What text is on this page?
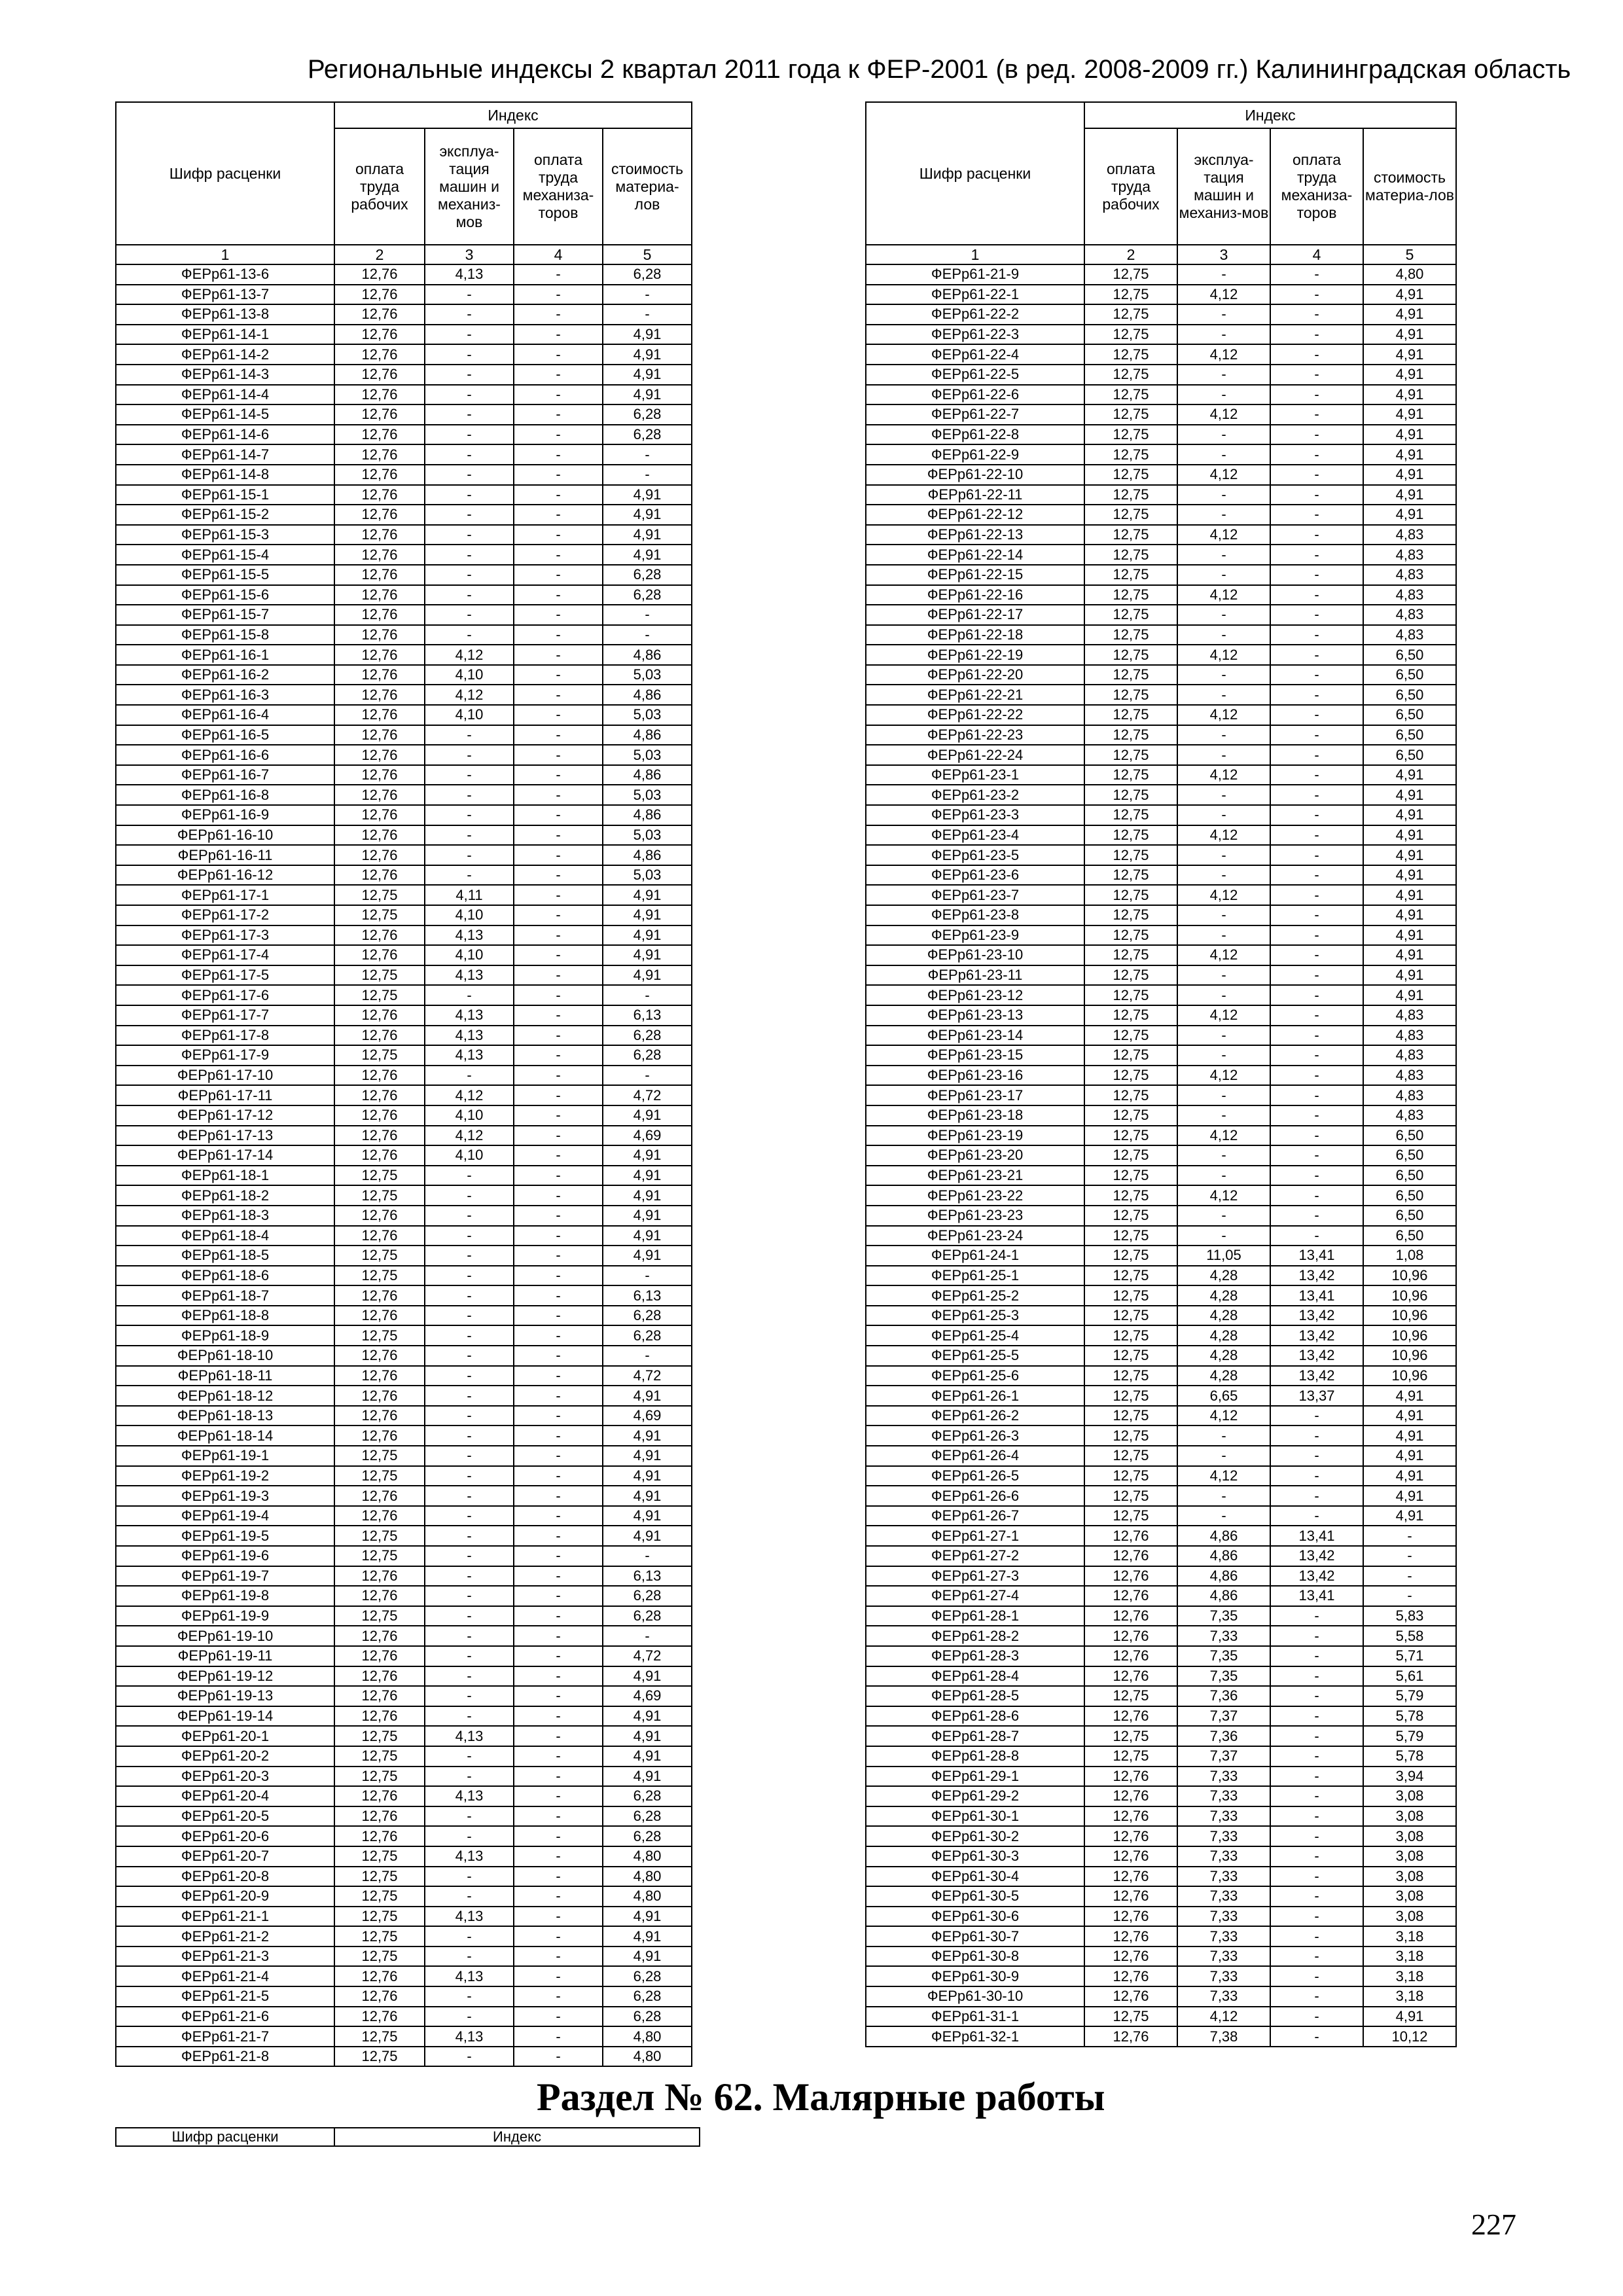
Региональные индексы 2 квартал 2011 года к ФЕР-2001 (в ред. 2008-2009 гг.) Калининградская область
Шифр расценки	Индекс			
	оплата труда рабочих	эксплуа-тация машин и механиз-мов	оплата труда механиза-торов	стоимость материа-лов
1	2	3	4	5
ФЕРр61-13-6	12,76	4,13	-	6,28
ФЕРр61-13-7	12,76	-	-	-
ФЕРр61-13-8	12,76	-	-	-
ФЕРр61-14-1	12,76	-	-	4,91
ФЕРр61-14-2	12,76	-	-	4,91
ФЕРр61-14-3	12,76	-	-	4,91
ФЕРр61-14-4	12,76	-	-	4,91
ФЕРр61-14-5	12,76	-	-	6,28
ФЕРр61-14-6	12,76	-	-	6,28
ФЕРр61-14-7	12,76	-	-	-
ФЕРр61-14-8	12,76	-	-	-
ФЕРр61-15-1	12,76	-	-	4,91
ФЕРр61-15-2	12,76	-	-	4,91
ФЕРр61-15-3	12,76	-	-	4,91
ФЕРр61-15-4	12,76	-	-	4,91
ФЕРр61-15-5	12,76	-	-	6,28
ФЕРр61-15-6	12,76	-	-	6,28
ФЕРр61-15-7	12,76	-	-	-
ФЕРр61-15-8	12,76	-	-	-
ФЕРр61-16-1	12,76	4,12	-	4,86
ФЕРр61-16-2	12,76	4,10	-	5,03
ФЕРр61-16-3	12,76	4,12	-	4,86
ФЕРр61-16-4	12,76	4,10	-	5,03
ФЕРр61-16-5	12,76	-	-	4,86
ФЕРр61-16-6	12,76	-	-	5,03
ФЕРр61-16-7	12,76	-	-	4,86
ФЕРр61-16-8	12,76	-	-	5,03
ФЕРр61-16-9	12,76	-	-	4,86
ФЕРр61-16-10	12,76	-	-	5,03
ФЕРр61-16-11	12,76	-	-	4,86
ФЕРр61-16-12	12,76	-	-	5,03
ФЕРр61-17-1	12,75	4,11	-	4,91
ФЕРр61-17-2	12,75	4,10	-	4,91
ФЕРр61-17-3	12,76	4,13	-	4,91
ФЕРр61-17-4	12,76	4,10	-	4,91
ФЕРр61-17-5	12,75	4,13	-	4,91
ФЕРр61-17-6	12,75	-	-	-
ФЕРр61-17-7	12,76	4,13	-	6,13
ФЕРр61-17-8	12,76	4,13	-	6,28
ФЕРр61-17-9	12,75	4,13	-	6,28
ФЕРр61-17-10	12,76	-	-	-
ФЕРр61-17-11	12,76	4,12	-	4,72
ФЕРр61-17-12	12,76	4,10	-	4,91
ФЕРр61-17-13	12,76	4,12	-	4,69
ФЕРр61-17-14	12,76	4,10	-	4,91
ФЕРр61-18-1	12,75	-	-	4,91
ФЕРр61-18-2	12,75	-	-	4,91
ФЕРр61-18-3	12,76	-	-	4,91
ФЕРр61-18-4	12,76	-	-	4,91
ФЕРр61-18-5	12,75	-	-	4,91
ФЕРр61-18-6	12,75	-	-	-
ФЕРр61-18-7	12,76	-	-	6,13
ФЕРр61-18-8	12,76	-	-	6,28
ФЕРр61-18-9	12,75	-	-	6,28
ФЕРр61-18-10	12,76	-	-	-
ФЕРр61-18-11	12,76	-	-	4,72
ФЕРр61-18-12	12,76	-	-	4,91
ФЕРр61-18-13	12,76	-	-	4,69
ФЕРр61-18-14	12,76	-	-	4,91
ФЕРр61-19-1	12,75	-	-	4,91
ФЕРр61-19-2	12,75	-	-	4,91
ФЕРр61-19-3	12,76	-	-	4,91
ФЕРр61-19-4	12,76	-	-	4,91
ФЕРр61-19-5	12,75	-	-	4,91
ФЕРр61-19-6	12,75	-	-	-
ФЕРр61-19-7	12,76	-	-	6,13
ФЕРр61-19-8	12,76	-	-	6,28
ФЕРр61-19-9	12,75	-	-	6,28
ФЕРр61-19-10	12,76	-	-	-
ФЕРр61-19-11	12,76	-	-	4,72
ФЕРр61-19-12	12,76	-	-	4,91
ФЕРр61-19-13	12,76	-	-	4,69
ФЕРр61-19-14	12,76	-	-	4,91
ФЕРр61-20-1	12,75	4,13	-	4,91
ФЕРр61-20-2	12,75	-	-	4,91
ФЕРр61-20-3	12,75	-	-	4,91
ФЕРр61-20-4	12,76	4,13	-	6,28
ФЕРр61-20-5	12,76	-	-	6,28
ФЕРр61-20-6	12,76	-	-	6,28
ФЕРр61-20-7	12,75	4,13	-	4,80
ФЕРр61-20-8	12,75	-	-	4,80
ФЕРр61-20-9	12,75	-	-	4,80
ФЕРр61-21-1	12,75	4,13	-	4,91
ФЕРр61-21-2	12,75	-	-	4,91
ФЕРр61-21-3	12,75	-	-	4,91
ФЕРр61-21-4	12,76	4,13	-	6,28
ФЕРр61-21-5	12,76	-	-	6,28
ФЕРр61-21-6	12,76	-	-	6,28
ФЕРр61-21-7	12,75	4,13	-	4,80
ФЕРр61-21-8	12,75	-	-	4,80
Шифр расценки	Индекс			
	оплата труда рабочих	эксплуа-тация машин и механиз-мов	оплата труда механиза-торов	стоимость материа-лов
1	2	3	4	5
ФЕРр61-21-9	12,75	-	-	4,80
ФЕРр61-22-1	12,75	4,12	-	4,91
ФЕРр61-22-2	12,75	-	-	4,91
ФЕРр61-22-3	12,75	-	-	4,91
ФЕРр61-22-4	12,75	4,12	-	4,91
ФЕРр61-22-5	12,75	-	-	4,91
ФЕРр61-22-6	12,75	-	-	4,91
ФЕРр61-22-7	12,75	4,12	-	4,91
ФЕРр61-22-8	12,75	-	-	4,91
ФЕРр61-22-9	12,75	-	-	4,91
ФЕРр61-22-10	12,75	4,12	-	4,91
ФЕРр61-22-11	12,75	-	-	4,91
ФЕРр61-22-12	12,75	-	-	4,91
ФЕРр61-22-13	12,75	4,12	-	4,83
ФЕРр61-22-14	12,75	-	-	4,83
ФЕРр61-22-15	12,75	-	-	4,83
ФЕРр61-22-16	12,75	4,12	-	4,83
ФЕРр61-22-17	12,75	-	-	4,83
ФЕРр61-22-18	12,75	-	-	4,83
ФЕРр61-22-19	12,75	4,12	-	6,50
ФЕРр61-22-20	12,75	-	-	6,50
ФЕРр61-22-21	12,75	-	-	6,50
ФЕРр61-22-22	12,75	4,12	-	6,50
ФЕРр61-22-23	12,75	-	-	6,50
ФЕРр61-22-24	12,75	-	-	6,50
ФЕРр61-23-1	12,75	4,12	-	4,91
ФЕРр61-23-2	12,75	-	-	4,91
ФЕРр61-23-3	12,75	-	-	4,91
ФЕРр61-23-4	12,75	4,12	-	4,91
ФЕРр61-23-5	12,75	-	-	4,91
ФЕРр61-23-6	12,75	-	-	4,91
ФЕРр61-23-7	12,75	4,12	-	4,91
ФЕРр61-23-8	12,75	-	-	4,91
ФЕРр61-23-9	12,75	-	-	4,91
ФЕРр61-23-10	12,75	4,12	-	4,91
ФЕРр61-23-11	12,75	-	-	4,91
ФЕРр61-23-12	12,75	-	-	4,91
ФЕРр61-23-13	12,75	4,12	-	4,83
ФЕРр61-23-14	12,75	-	-	4,83
ФЕРр61-23-15	12,75	-	-	4,83
ФЕРр61-23-16	12,75	4,12	-	4,83
ФЕРр61-23-17	12,75	-	-	4,83
ФЕРр61-23-18	12,75	-	-	4,83
ФЕРр61-23-19	12,75	4,12	-	6,50
ФЕРр61-23-20	12,75	-	-	6,50
ФЕРр61-23-21	12,75	-	-	6,50
ФЕРр61-23-22	12,75	4,12	-	6,50
ФЕРр61-23-23	12,75	-	-	6,50
ФЕРр61-23-24	12,75	-	-	6,50
ФЕРр61-24-1	12,75	11,05	13,41	1,08
ФЕРр61-25-1	12,75	4,28	13,42	10,96
ФЕРр61-25-2	12,75	4,28	13,41	10,96
ФЕРр61-25-3	12,75	4,28	13,42	10,96
ФЕРр61-25-4	12,75	4,28	13,42	10,96
ФЕРр61-25-5	12,75	4,28	13,42	10,96
ФЕРр61-25-6	12,75	4,28	13,42	10,96
ФЕРр61-26-1	12,75	6,65	13,37	4,91
ФЕРр61-26-2	12,75	4,12	-	4,91
ФЕРр61-26-3	12,75	-	-	4,91
ФЕРр61-26-4	12,75	-	-	4,91
ФЕРр61-26-5	12,75	4,12	-	4,91
ФЕРр61-26-6	12,75	-	-	4,91
ФЕРр61-26-7	12,75	-	-	4,91
ФЕРр61-27-1	12,76	4,86	13,41	-
ФЕРр61-27-2	12,76	4,86	13,42	-
ФЕРр61-27-3	12,76	4,86	13,42	-
ФЕРр61-27-4	12,76	4,86	13,41	-
ФЕРр61-28-1	12,76	7,35	-	5,83
ФЕРр61-28-2	12,76	7,33	-	5,58
ФЕРр61-28-3	12,76	7,35	-	5,71
ФЕРр61-28-4	12,76	7,35	-	5,61
ФЕРр61-28-5	12,75	7,36	-	5,79
ФЕРр61-28-6	12,76	7,37	-	5,78
ФЕРр61-28-7	12,75	7,36	-	5,79
ФЕРр61-28-8	12,75	7,37	-	5,78
ФЕРр61-29-1	12,76	7,33	-	3,94
ФЕРр61-29-2	12,76	7,33	-	3,08
ФЕРр61-30-1	12,76	7,33	-	3,08
ФЕРр61-30-2	12,76	7,33	-	3,08
ФЕРр61-30-3	12,76	7,33	-	3,08
ФЕРр61-30-4	12,76	7,33	-	3,08
ФЕРр61-30-5	12,76	7,33	-	3,08
ФЕРр61-30-6	12,76	7,33	-	3,08
ФЕРр61-30-7	12,76	7,33	-	3,18
ФЕРр61-30-8	12,76	7,33	-	3,18
ФЕРр61-30-9	12,76	7,33	-	3,18
ФЕРр61-30-10	12,76	7,33	-	3,18
ФЕРр61-31-1	12,75	4,12	-	4,91
ФЕРр61-32-1	12,76	7,38	-	10,12
Раздел № 62. Малярные работы
Шифр расценки	Индекс
227
